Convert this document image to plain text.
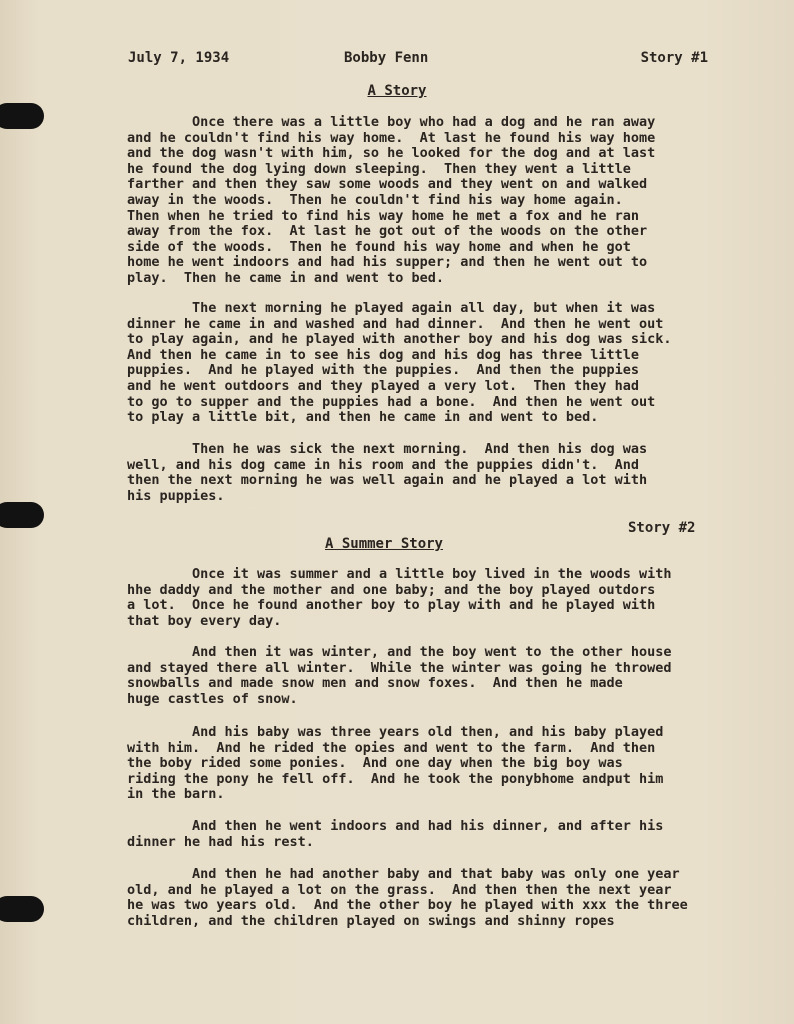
July 7, 1934	Bobby Fenn	Story #1
A Story
Once there was a little boy who had a dog and he ran away
and he couldn't find his way home.  At last he found his way home
and the dog wasn't with him, so he looked for the dog and at last
he found the dog lying down sleeping.  Then they went a little
farther and then they saw some woods and they went on and walked
away in the woods.  Then he couldn't find his way home again.
Then when he tried to find his way home he met a fox and he ran
away from the fox.  At last he got out of the woods on the other
side of the woods.  Then he found his way home and when he got
home he went indoors and had his supper; and then he went out to
play.  Then he came in and went to bed.
The next morning he played again all day, but when it was
dinner he came in and washed and had dinner.  And then he went out
to play again, and he played with another boy and his dog was sick.
And then he came in to see his dog and his dog has three little
puppies.  And he played with the puppies.  And then the puppies
and he went outdoors and they played a very lot.  Then they had
to go to supper and the puppies had a bone.  And then he went out
to play a little bit, and then he came in and went to bed.
Then he was sick the next morning.  And then his dog was
well, and his dog came in his room and the puppies didn't.  And
then the next morning he was well again and he played a lot with
his puppies.
Story #2
A Summer Story
Once it was summer and a little boy lived in the woods with
hhe daddy and the mother and one baby; and the boy played outdors
a lot.  Once he found another boy to play with and he played with
that boy every day.
And then it was winter, and the boy went to the other house
and stayed there all winter.  While the winter was going he throwed
snowballs and made snow men and snow foxes.  And then he made
huge castles of snow.
And his baby was three years old then, and his baby played
with him.  And he rided the opies and went to the farm.  And then
the boby rided some ponies.  And one day when the big boy was
riding the pony he fell off.  And he took the ponybhome andput him
in the barn.
And then he went indoors and had his dinner, and after his
dinner he had his rest.
And then he had another baby and that baby was only one year
old, and he played a lot on the grass.  And then then the next year
he was two years old.  And the other boy he played with xxx the three
children, and the children played on swings and shinny ropes
